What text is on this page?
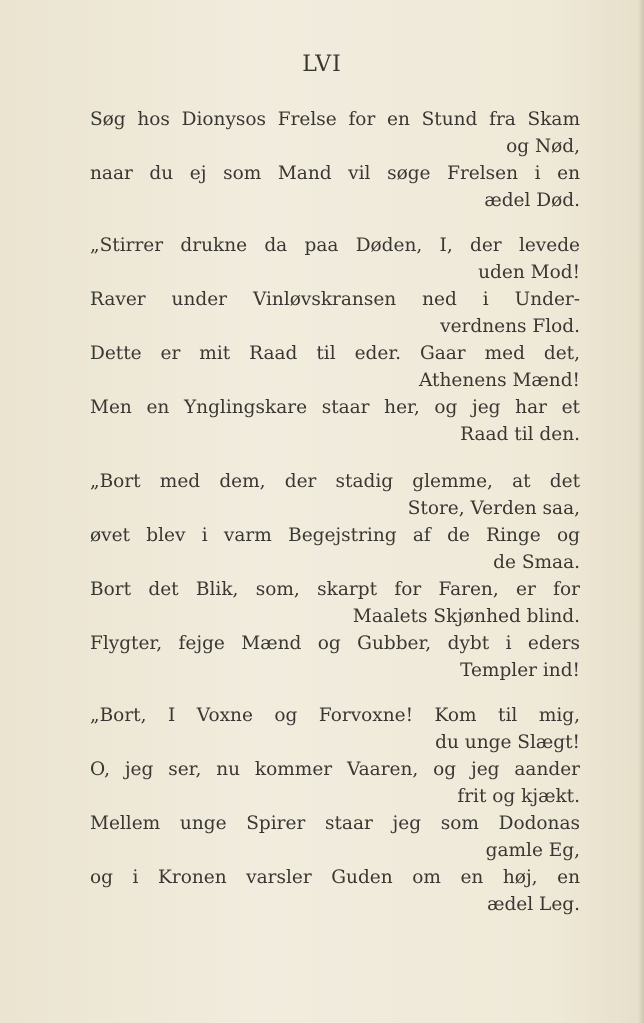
LVI
Søg hos Dionysos Frelse for en Stund fra Skam
og Nød,
naar du ej som Mand vil søge Frelsen i en
ædel Død.
„Stirrer drukne da paa Døden, I, der levede
uden Mod!
Raver under Vinløvskransen ned i Under-
verdnens Flod.
Dette er mit Raad til eder. Gaar med det,
Athenens Mænd!
Men en Ynglingskare staar her, og jeg har et
Raad til den.
„Bort med dem, der stadig glemme, at det
Store, Verden saa,
øvet blev i varm Begejstring af de Ringe og
de Smaa.
Bort det Blik, som, skarpt for Faren, er for
Maalets Skjønhed blind.
Flygter, fejge Mænd og Gubber, dybt i eders
Templer ind!
„Bort, I Voxne og Forvoxne! Kom til mig,
du unge Slægt!
O, jeg ser, nu kommer Vaaren, og jeg aander
frit og kjækt.
Mellem unge Spirer staar jeg som Dodonas
gamle Eg,
og i Kronen varsler Guden om en høj, en
ædel Leg.
